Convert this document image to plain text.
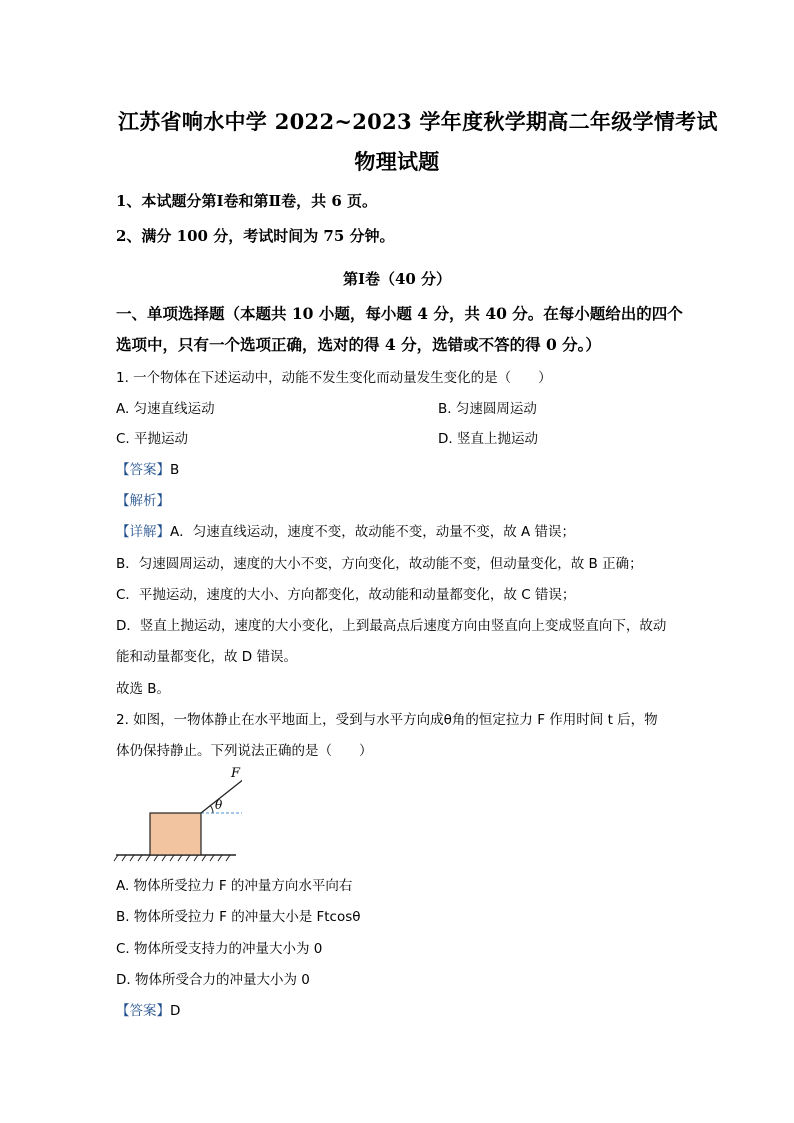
江苏省响水中学 2022~2023 学年度秋学期高二年级学情考试
物理试题
1、本试题分第Ⅰ卷和第Ⅱ卷，共 6 页。
2、满分 100 分，考试时间为 75 分钟。
第Ⅰ卷（40 分）
一、单项选择题（本题共 10 小题，每小题 4 分，共 40 分。在每小题给出的四个
选项中，只有一个选项正确，选对的得 4 分，选错或不答的得 0 分。）
1. 一个物体在下述运动中，动能不发生变化而动量发生变化的是（　　）
A. 匀速直线运动	B. 匀速圆周运动
C. 平抛运动	D. 竖直上抛运动
【答案】B
【解析】
【详解】A．匀速直线运动，速度不变，故动能不变，动量不变，故 A 错误；
B．匀速圆周运动，速度的大小不变，方向变化，故动能不变，但动量变化，故 B 正确；
C．平抛运动，速度的大小、方向都变化，故动能和动量都变化，故 C 错误；
D．竖直上抛运动，速度的大小变化，上到最高点后速度方向由竖直向上变成竖直向下，故动
能和动量都变化，故 D 错误。
故选 B。
2. 如图，一物体静止在水平地面上，受到与水平方向成θ角的恒定拉力 F 作用时间 t 后，物
体仍保持静止。下列说法正确的是（　　）
θ
F
A. 物体所受拉力 F 的冲量方向水平向右
B. 物体所受拉力 F 的冲量大小是 Ftcosθ
C. 物体所受支持力的冲量大小为 0
D. 物体所受合力的冲量大小为 0
【答案】D
